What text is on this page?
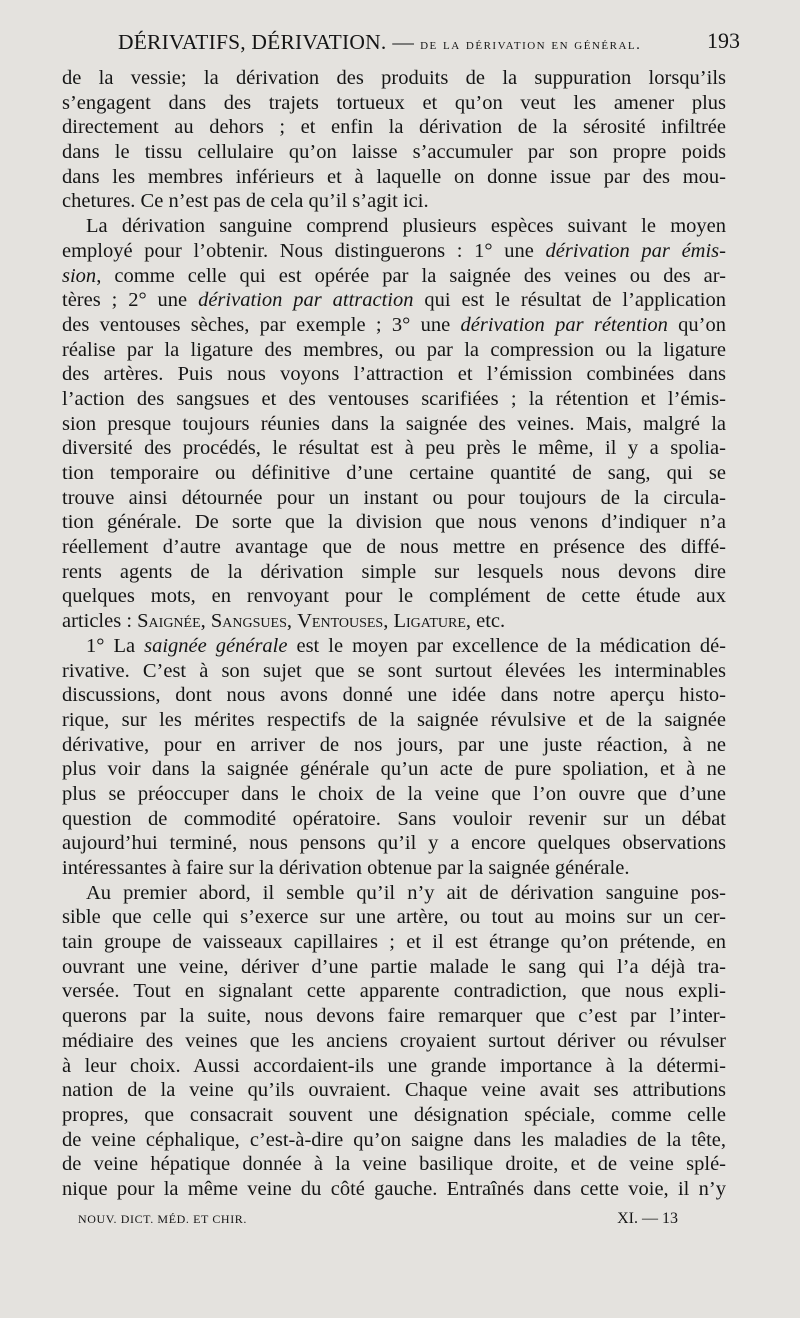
DÉRIVATIFS, DÉRIVATION. — de la dérivation en général.	193
de la vessie; la dérivation des produits de la suppuration lorsqu’ils
s’engagent dans des trajets tortueux et qu’on veut les amener plus
directement au dehors ; et enfin la dérivation de la sérosité infiltrée
dans le tissu cellulaire qu’on laisse s’accumuler par son propre poids
dans les membres inférieurs et à laquelle on donne issue par des mou-
chetures. Ce n’est pas de cela qu’il s’agit ici.
La dérivation sanguine comprend plusieurs espèces suivant le moyen
employé pour l’obtenir. Nous distinguerons : 1° une dérivation par émis-
sion, comme celle qui est opérée par la saignée des veines ou des ar-
tères ; 2° une dérivation par attraction qui est le résultat de l’application
des ventouses sèches, par exemple ; 3° une dérivation par rétention qu’on
réalise par la ligature des membres, ou par la compression ou la ligature
des artères. Puis nous voyons l’attraction et l’émission combinées dans
l’action des sangsues et des ventouses scarifiées ; la rétention et l’émis-
sion presque toujours réunies dans la saignée des veines. Mais, malgré la
diversité des procédés, le résultat est à peu près le même, il y a spolia-
tion temporaire ou définitive d’une certaine quantité de sang, qui se
trouve ainsi détournée pour un instant ou pour toujours de la circula-
tion générale. De sorte que la division que nous venons d’indiquer n’a
réellement d’autre avantage que de nous mettre en présence des diffé-
rents agents de la dérivation simple sur lesquels nous devons dire
quelques mots, en renvoyant pour le complément de cette étude aux
articles : Saignée, Sangsues, Ventouses, Ligature, etc.
1° La saignée générale est le moyen par excellence de la médication dé-
rivative. C’est à son sujet que se sont surtout élevées les interminables
discussions, dont nous avons donné une idée dans notre aperçu histo-
rique, sur les mérites respectifs de la saignée révulsive et de la saignée
dérivative, pour en arriver de nos jours, par une juste réaction, à ne
plus voir dans la saignée générale qu’un acte de pure spoliation, et à ne
plus se préoccuper dans le choix de la veine que l’on ouvre que d’une
question de commodité opératoire. Sans vouloir revenir sur un débat
aujourd’hui terminé, nous pensons qu’il y a encore quelques observations
intéressantes à faire sur la dérivation obtenue par la saignée générale.
Au premier abord, il semble qu’il n’y ait de dérivation sanguine pos-
sible que celle qui s’exerce sur une artère, ou tout au moins sur un cer-
tain groupe de vaisseaux capillaires ; et il est étrange qu’on prétende, en
ouvrant une veine, dériver d’une partie malade le sang qui l’a déjà tra-
versée. Tout en signalant cette apparente contradiction, que nous expli-
querons par la suite, nous devons faire remarquer que c’est par l’inter-
médiaire des veines que les anciens croyaient surtout dériver ou révulser
à leur choix. Aussi accordaient-ils une grande importance à la détermi-
nation de la veine qu’ils ouvraient. Chaque veine avait ses attributions
propres, que consacrait souvent une désignation spéciale, comme celle
de veine céphalique, c’est-à-dire qu’on saigne dans les maladies de la tête,
de veine hépatique donnée à la veine basilique droite, et de veine splé-
nique pour la même veine du côté gauche. Entraînés dans cette voie, il n’y
NOUV. DICT. MÉD. ET CHIR.	XI. — 13
